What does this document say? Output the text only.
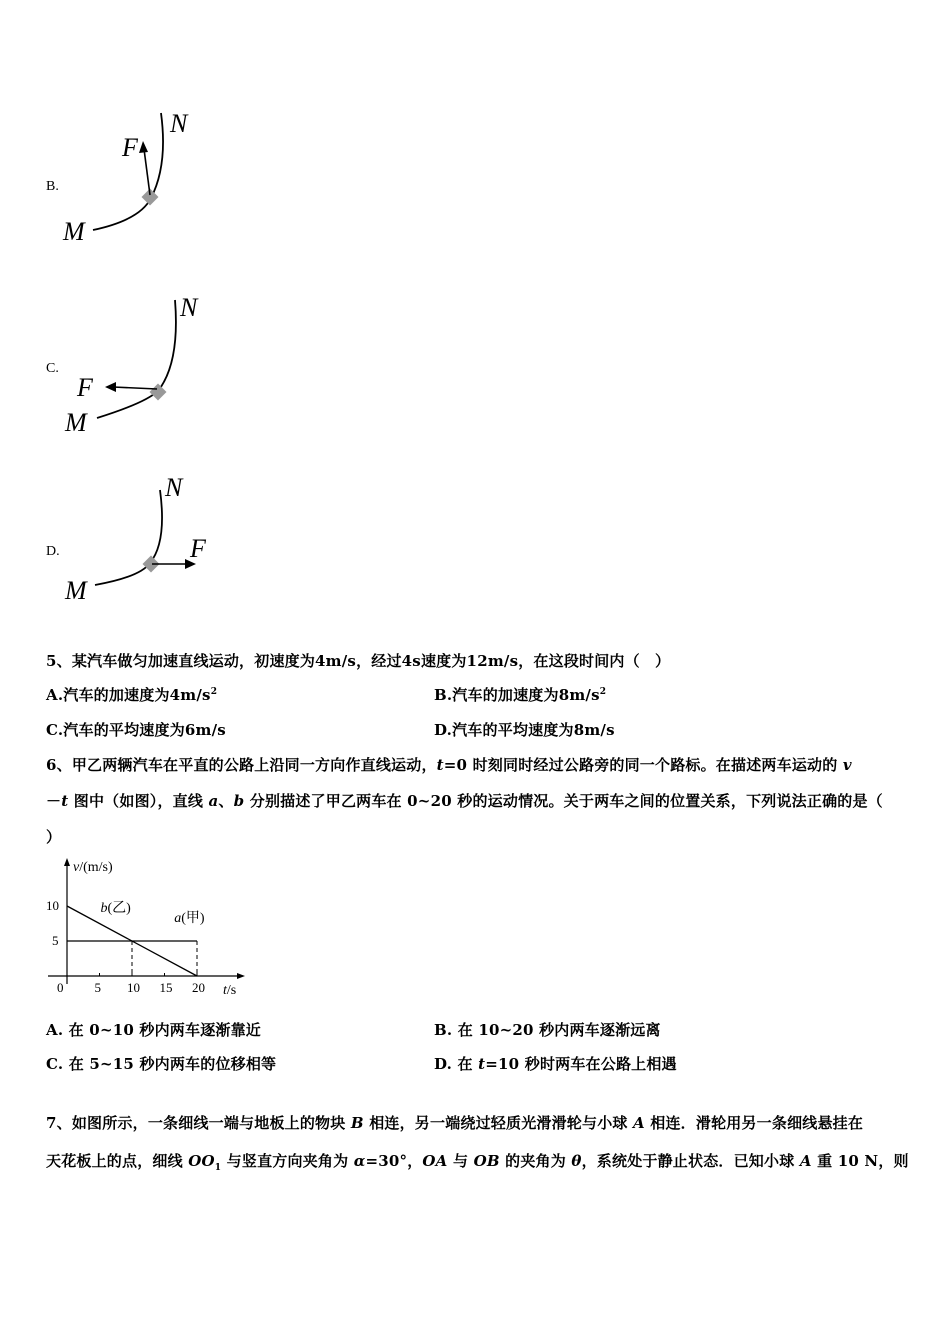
B.
N
F
M
C.
N
F
M
D.
N
F
M
5、某汽车做匀加速直线运动，初速度为4m/s，经过4s速度为12m/s，在这段时间内（　）
A.汽车的加速度为$4m/s^2$	B.汽车的加速度为$8m/s^2$
C.汽车的平均速度为6m/s	D.汽车的平均速度为8m/s
6、甲乙两辆汽车在平直的公路上沿同一方向作直线运动，t=0 时刻同时经过公路旁的同一个路标。在描述两车运动的 v
－t 图中（如图），直线 a、b 分别描述了甲乙两车在 0~20 秒的运动情况。关于两车之间的位置关系，下列说法正确的是（
）
v/(m/s)
t/s
0 5 10 15 20
5
10	b(乙)
a(甲)
A. 在 0~10 秒内两车逐渐靠近	B. 在 10~20 秒内两车逐渐远离
C. 在 5~15 秒内两车的位移相等	D. 在 t=10 秒时两车在公路上相遇
7、如图所示，一条细线一端与地板上的物块 B 相连，另一端绕过轻质光滑滑轮与小球 A 相连．滑轮用另一条细线悬挂在
天花板上的点，细线 $OO_1$ 与竖直方向夹角为 α=30°，OA 与 OB 的夹角为 θ，系统处于静止状态．已知小球 A 重 10 N，则
